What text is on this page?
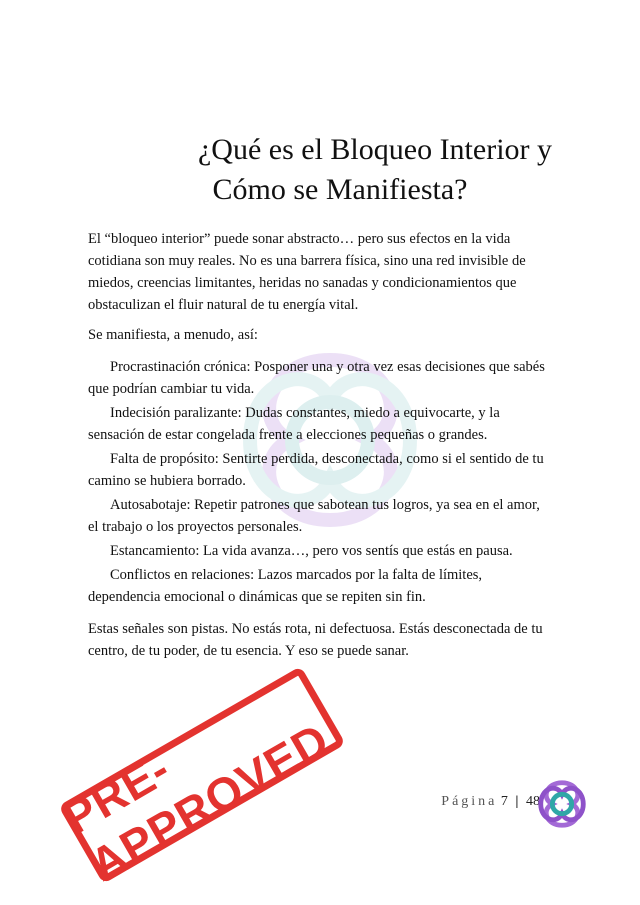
¿Qué es el Bloqueo Interior y
Cómo se Manifiesta?

El “bloqueo interior” puede sonar abstracto… pero sus efectos en la vida cotidiana son muy reales. No es una barrera física, sino una red invisible de miedos, creencias limitantes, heridas no sanadas y condicionamientos que obstaculizan el fluir natural de tu energía vital.

Se manifiesta, a menudo, así:

Procrastinación crónica: Posponer una y otra vez esas decisiones que sabés que podrían cambiar tu vida.

Indecisión paralizante: Dudas constantes, miedo a equivocarte, y la sensación de estar congelada frente a elecciones pequeñas o grandes.

Falta de propósito: Sentirte perdida, desconectada, como si el sentido de tu camino se hubiera borrado.

Autosabotaje: Repetir patrones que sabotean tus logros, ya sea en el amor, el trabajo o los proyectos personales.

Estancamiento: La vida avanza…, pero vos sentís que estás en pausa.

Conflictos en relaciones: Lazos marcados por la falta de límites, dependencia emocional o dinámicas que se repiten sin fin.

Estas señales son pistas. No estás rota, ni defectuosa. Estás desconectada de tu centro, de tu poder, de tu esencia. Y eso se puede sanar.

PRE-APPROVED	Página 7 | 48
